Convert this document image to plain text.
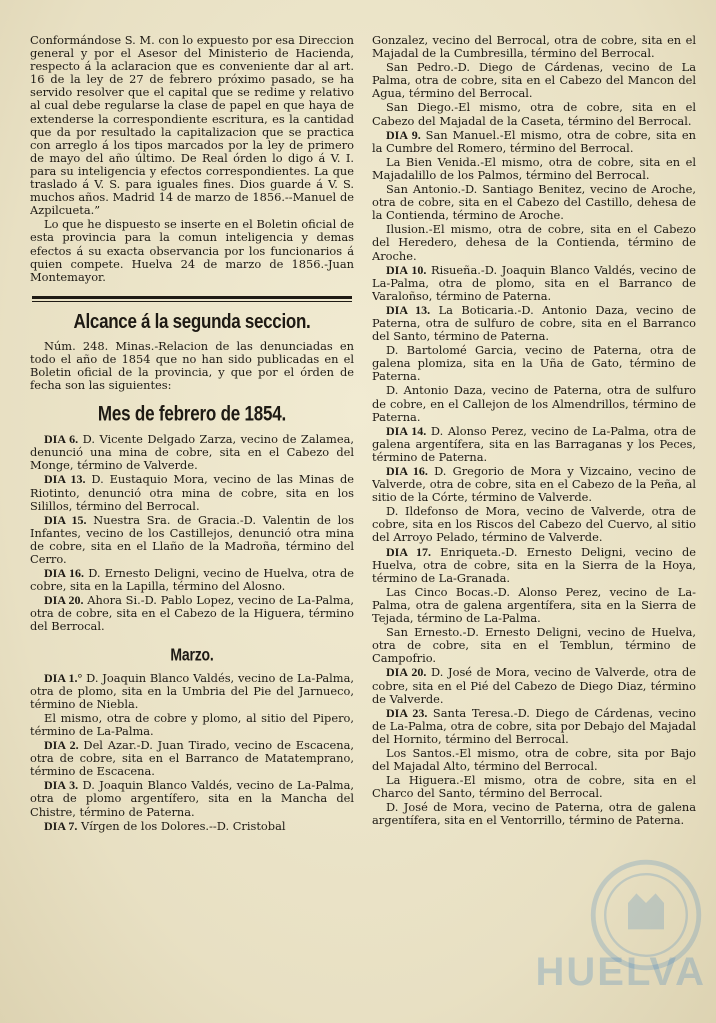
Conformándose S. M. con lo expuesto por esa Direccion general y por el Asesor del Ministerio de Hacienda, respecto á la aclaracion que es conveniente dar al art. 16 de la ley de 27 de febrero próximo pasado, se ha servido resolver que el capital que se redime y relativo al cual debe regularse la clase de papel en que haya de extenderse la correspondiente escritura, es la cantidad que da por resultado la capitalizacion que se practica con arreglo á los tipos marcados por la ley de primero de mayo del año último. De Real órden lo digo á V. I. para su inteligencia y efectos correspondientes. La que traslado á V. S. para iguales fines. Dios guarde á V. S. muchos años. Madrid 14 de marzo de 1856.--Manuel de Azpilcueta.”

Lo que he dispuesto se inserte en el Boletin oficial de esta provincia para la comun inteligencia y demas efectos á su exacta observancia por los funcionarios á quien compete. Huelva 24 de marzo de 1856.-Juan Montemayor.

Alcance á la segunda seccion.

Núm. 248. Minas.-Relacion de las denunciadas en todo el año de 1854 que no han sido publicadas en el Boletin oficial de la provincia, y que por el órden de fecha son las siguientes:

Mes de febrero de 1854.

DIA 6. D. Vicente Delgado Zarza, vecino de Zalamea, denunció una mina de cobre, sita en el Cabezo del Monge, término de Valverde.

DIA 13. D. Eustaquio Mora, vecino de las Minas de Riotinto, denunció otra mina de cobre, sita en los Silillos, término del Berrocal.

DIA 15. Nuestra Sra. de Gracia.-D. Valentin de los Infantes, vecino de los Castillejos, denunció otra mina de cobre, sita en el Llaño de la Madroña, término del Cerro.

DIA 16. D. Ernesto Deligni, vecino de Huelva, otra de cobre, sita en la Lapilla, término del Alosno.

DIA 20. Ahora Si.-D. Pablo Lopez, vecino de La-Palma, otra de cobre, sita en el Cabezo de la Higuera, término del Berrocal.

Marzo.

DIA 1.° D. Joaquin Blanco Valdés, vecino de La-Palma, otra de plomo, sita en la Umbria del Pie del Jarnueco, término de Niebla.

El mismo, otra de cobre y plomo, al sitio del Pipero, término de La-Palma.

DIA 2. Del Azar.-D. Juan Tirado, vecino de Escacena, otra de cobre, sita en el Barranco de Matatemprano, término de Escacena.

DIA 3. D. Joaquin Blanco Valdés, vecino de La-Palma, otra de plomo argentífero, sita en la Mancha del Chistre, término de Paterna.

DIA 7. Vírgen de los Dolores.--D. Cristobal

Gonzalez, vecino del Berrocal, otra de cobre, sita en el Majadal de la Cumbresilla, término del Berrocal.

San Pedro.-D. Diego de Cárdenas, vecino de La Palma, otra de cobre, sita en el Cabezo del Mancon del Agua, término del Berrocal.

San Diego.-El mismo, otra de cobre, sita en el Cabezo del Majadal de la Caseta, término del Berrocal.

DIA 9. San Manuel.-El mismo, otra de cobre, sita en la Cumbre del Romero, término del Berrocal.

La Bien Venida.-El mismo, otra de cobre, sita en el Majadalillo de los Palmos, término del Berrocal.

San Antonio.-D. Santiago Benitez, vecino de Aroche, otra de cobre, sita en el Cabezo del Castillo, dehesa de la Contienda, término de Aroche.

Ilusion.-El mismo, otra de cobre, sita en el Cabezo del Heredero, dehesa de la Contienda, término de Aroche.

DIA 10. Risueña.-D. Joaquin Blanco Valdés, vecino de La-Palma, otra de plomo, sita en el Barranco de Varaloñso, término de Paterna.

DIA 13. La Boticaria.-D. Antonio Daza, vecino de Paterna, otra de sulfuro de cobre, sita en el Barranco del Santo, término de Paterna.

D. Bartolomé Garcia, vecino de Paterna, otra de galena plomiza, sita en la Uña de Gato, término de Paterna.

D. Antonio Daza, vecino de Paterna, otra de sulfuro de cobre, en el Callejon de los Almendrillos, término de Paterna.

DIA 14. D. Alonso Perez, vecino de La-Palma, otra de galena argentífera, sita en las Barraganas y los Peces, término de Paterna.

DIA 16. D. Gregorio de Mora y Vizcaino, vecino de Valverde, otra de cobre, sita en el Cabezo de la Peña, al sitio de la Córte, término de Valverde.

D. Ildefonso de Mora, vecino de Valverde, otra de cobre, sita en los Riscos del Cabezo del Cuervo, al sitio del Arroyo Pelado, término de Valverde.

DIA 17. Enriqueta.-D. Ernesto Deligni, vecino de Huelva, otra de cobre, sita en la Sierra de la Hoya, término de La-Granada.

Las Cinco Bocas.-D. Alonso Perez, vecino de La-Palma, otra de galena argentífera, sita en la Sierra de Tejada, término de La-Palma.

San Ernesto.-D. Ernesto Deligni, vecino de Huelva, otra de cobre, sita en el Temblun, término de Campofrio.

DIA 20. D. José de Mora, vecino de Valverde, otra de cobre, sita en el Pié del Cabezo de Diego Diaz, término de Valverde.

DIA 23. Santa Teresa.-D. Diego de Cárdenas, vecino de La-Palma, otra de cobre, sita por Debajo del Majadal del Hornito, término del Berrocal.

Los Santos.-El mismo, otra de cobre, sita por Bajo del Majadal Alto, término del Berrocal.

La Higuera.-El mismo, otra de cobre, sita en el Charco del Santo, término del Berrocal.

D. José de Mora, vecino de Paterna, otra de galena argentífera, sita en el Ventorrillo, término de Paterna.

HUELVA
